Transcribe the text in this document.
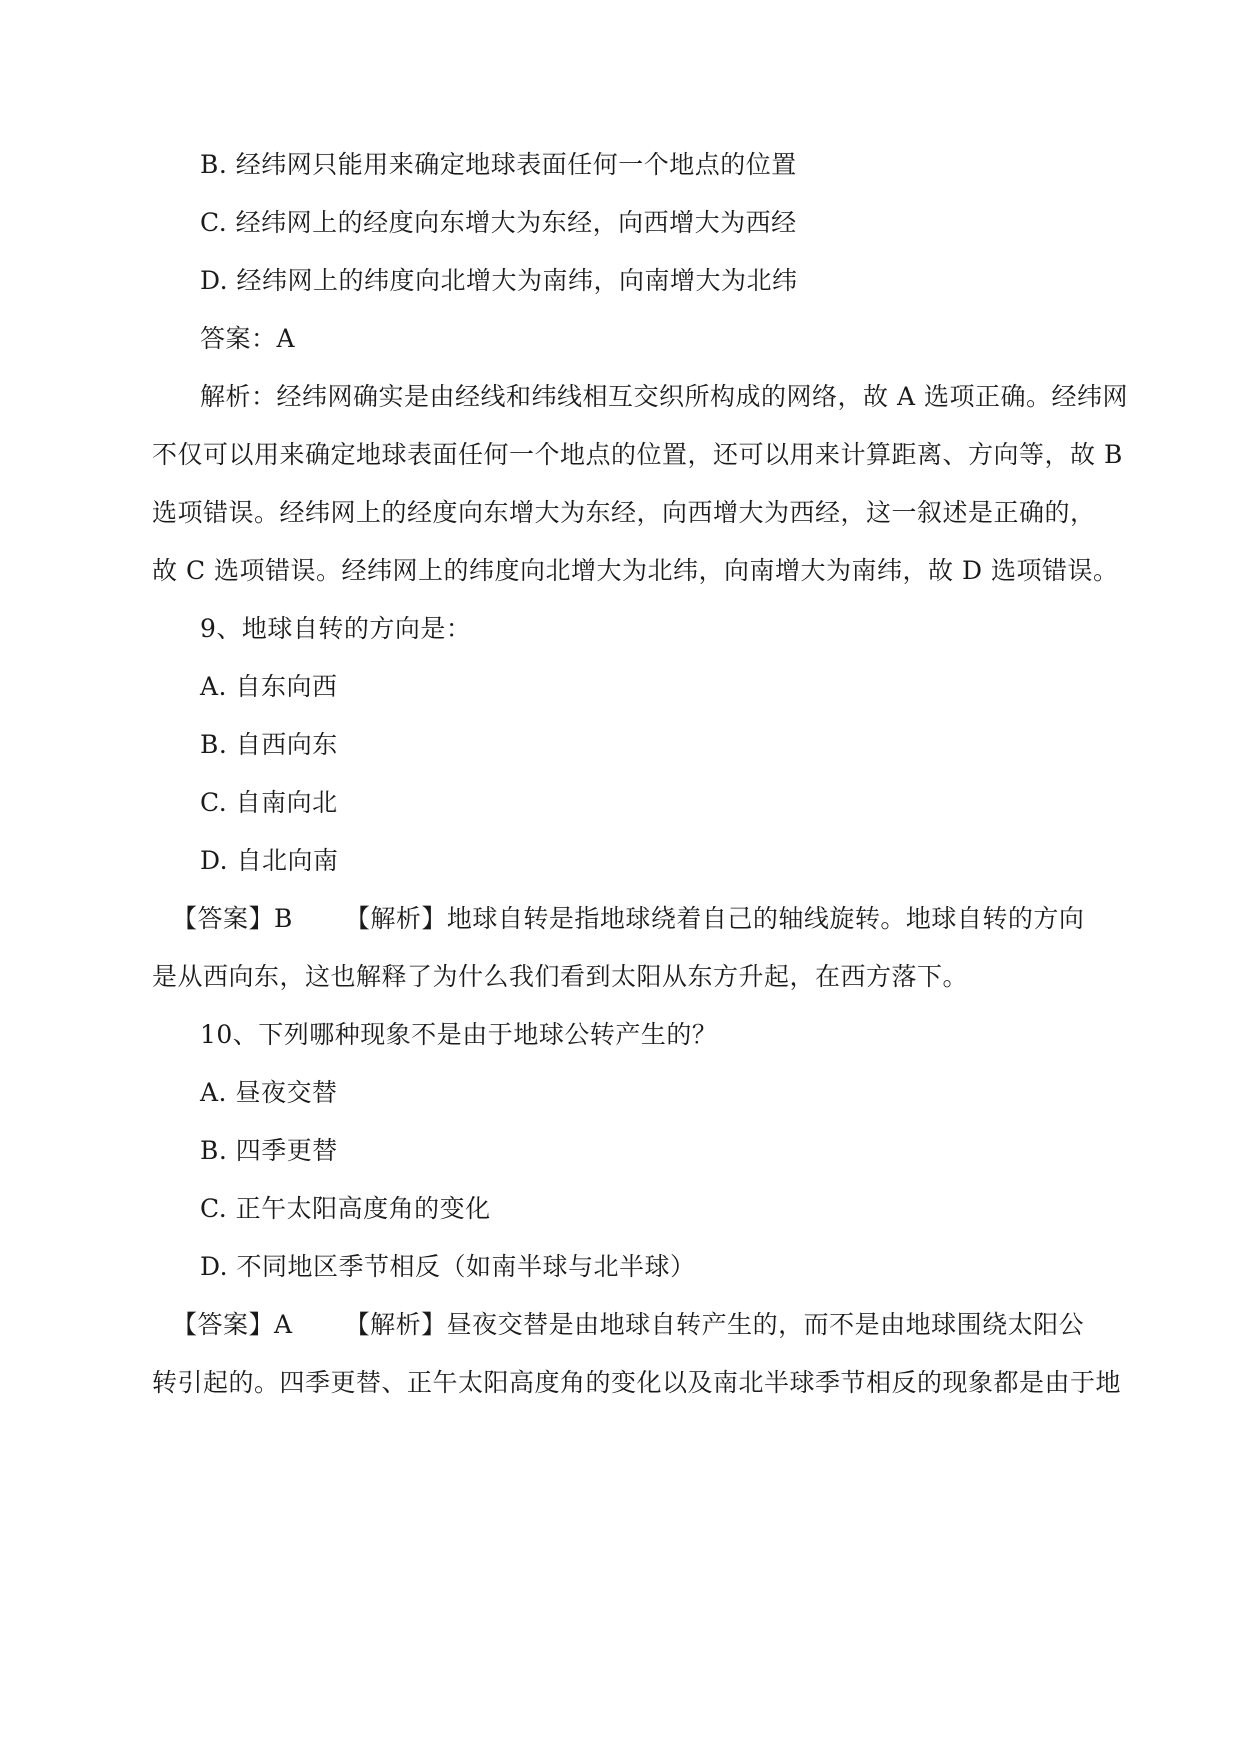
B. 经纬网只能用来确定地球表面任何一个地点的位置
C. 经纬网上的经度向东增大为东经，向西增大为西经
D. 经纬网上的纬度向北增大为南纬，向南增大为北纬
答案：A
解析：经纬网确实是由经线和纬线相互交织所构成的网络，故 A 选项正确。经纬网
不仅可以用来确定地球表面任何一个地点的位置，还可以用来计算距离、方向等，故 B
选项错误。经纬网上的经度向东增大为东经，向西增大为西经，这一叙述是正确的，
故 C 选项错误。经纬网上的纬度向北增大为北纬，向南增大为南纬，故 D 选项错误。
9、地球自转的方向是：
A. 自东向西
B. 自西向东
C. 自南向北
D. 自北向南
【答案】B 【解析】地球自转是指地球绕着自己的轴线旋转。地球自转的方向
是从西向东，这也解释了为什么我们看到太阳从东方升起，在西方落下。
10、下列哪种现象不是由于地球公转产生的？
A. 昼夜交替
B. 四季更替
C. 正午太阳高度角的变化
D. 不同地区季节相反（如南半球与北半球）
【答案】A 【解析】昼夜交替是由地球自转产生的，而不是由地球围绕太阳公
转引起的。四季更替、正午太阳高度角的变化以及南北半球季节相反的现象都是由于地
